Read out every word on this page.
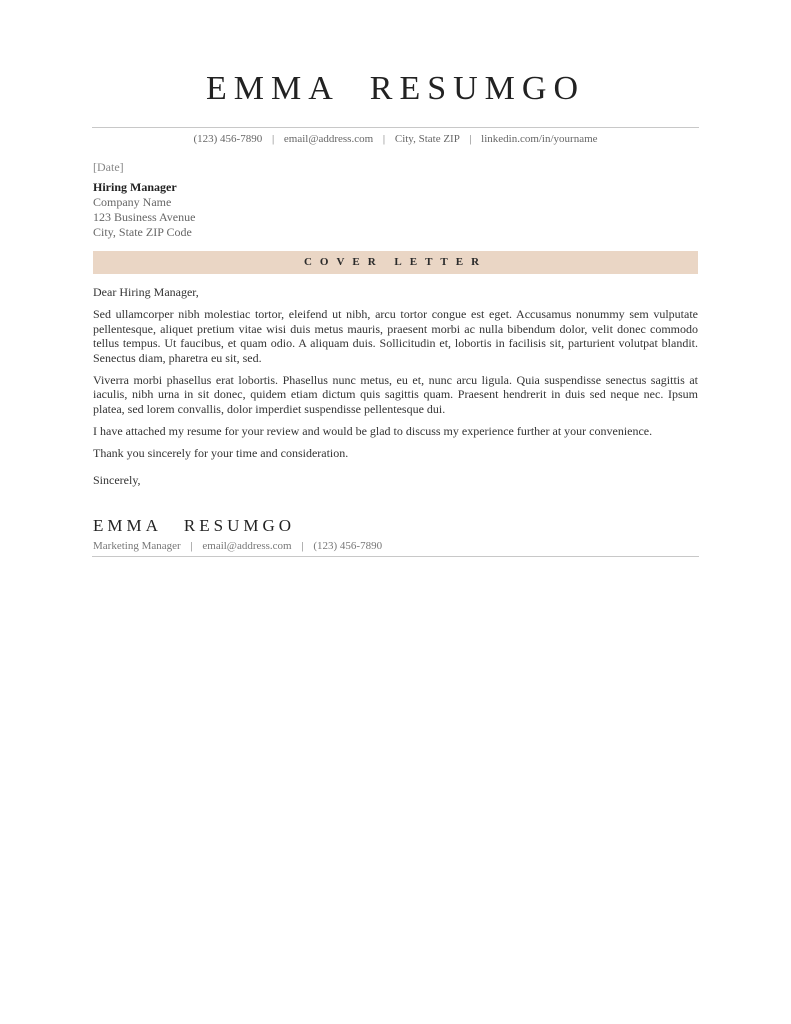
EMMA RESUMGO
(123) 456-7890 | email@address.com | City, State ZIP | linkedin.com/in/yourname
[Date]
Hiring Manager
Company Name
123 Business Avenue
City, State ZIP Code
COVER LETTER

Dear Hiring Manager,

Sed ullamcorper nibh molestiac tortor, eleifend ut nibh, arcu tortor congue est eget. Accusamus nonummy sem vulputate pellentesque, aliquet pretium vitae wisi duis metus mauris, praesent morbi ac nulla bibendum dolor, velit donec commodo tellus tempus. Ut faucibus, et quam odio. A aliquam duis. Sollicitudin et, lobortis in facilisis sit, parturient volutpat blandit. Senectus diam, pharetra eu sit, sed.

Viverra morbi phasellus erat lobortis. Phasellus nunc metus, eu et, nunc arcu ligula. Quia suspendisse senectus sagittis at iaculis, nibh urna in sit donec, quidem etiam dictum quis sagittis quam. Praesent hendrerit in duis sed neque nec. Ipsum platea, sed lorem convallis, dolor imperdiet suspendisse pellentesque dui.

I have attached my resume for your review and would be glad to discuss my experience further at your convenience.

Thank you sincerely for your time and consideration.

Sincerely,

EMMA RESUMGO
Marketing Manager | email@address.com | (123) 456-7890
